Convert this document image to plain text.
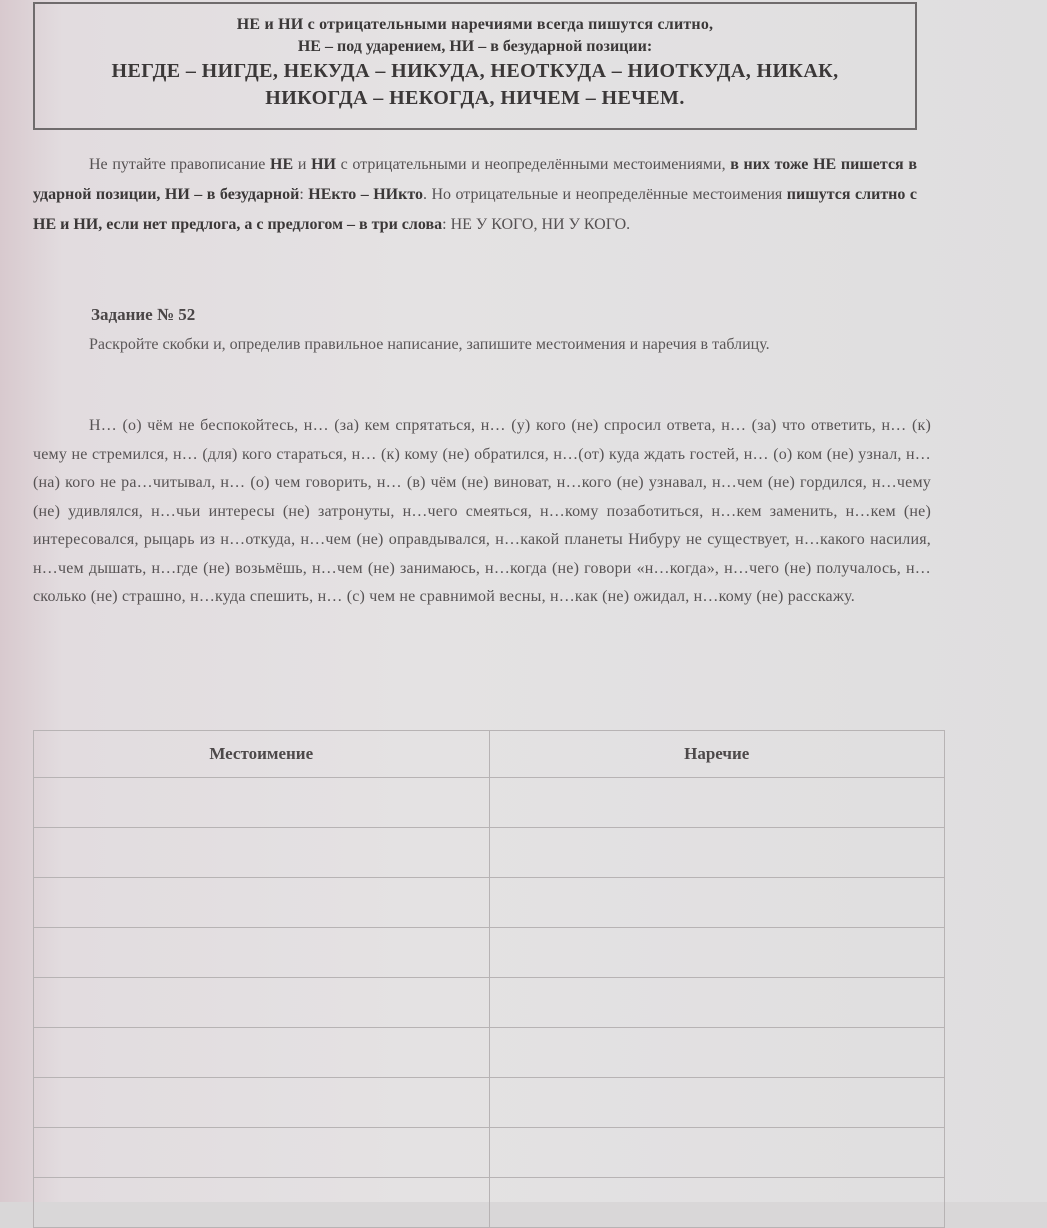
НЕ и НИ с отрицательными наречиями всегда пишутся слитно,
НЕ – под ударением, НИ – в безударной позиции:
НЕГДЕ – НИГДЕ, НЕКУДА – НИКУДА, НЕОТКУДА – НИОТКУДА, НИКАК,
НИКОГДА – НЕКОГДА, НИЧЕМ – НЕЧЕМ.

Не путайте правописание НЕ и НИ с отрицательными и неопределёнными местоимениями, в них тоже НЕ пишется в ударной позиции, НИ – в безударной: НЕкто – НИкто. Но отрицательные и неопределённые местоимения пишутся слитно с НЕ и НИ, если нет предлога, а с предлогом – в три слова: НЕ У КОГО, НИ У КОГО.

Задание № 52

Раскройте скобки и, определив правильное написание, запишите местоимения и наречия в таблицу.

Н… (о) чём не беспокойтесь, н… (за) кем спрятаться, н… (у) кого (не) спросил ответа, н… (за) что ответить, н… (к) чему не стремился, н… (для) кого стараться, н… (к) кому (не) обратился, н…(от) куда ждать гостей, н… (о) ком (не) узнал, н… (на) кого не ра…читывал, н… (о) чем говорить, н… (в) чём (не) виноват, н…кого (не) узнавал, н…чем (не) гордился, н…чему (не) удивлялся, н…чьи интересы (не) затронуты, н…чего смеяться, н…кому позаботиться, н…кем заменить, н…кем (не) интересовался, рыцарь из н…откуда, н…чем (не) оправдывался, н…какой планеты Нибуру не существует, н…какого насилия, н…чем дышать, н…где (не) возьмёшь, н…чем (не) занимаюсь, н…когда (не) говори «н…когда», н…чего (не) получалось, н…сколько (не) страшно, н…куда спешить, н… (с) чем не сравнимой весны, н…как (не) ожидал, н…кому (не) расскажу.

Местоимение	Наречие
